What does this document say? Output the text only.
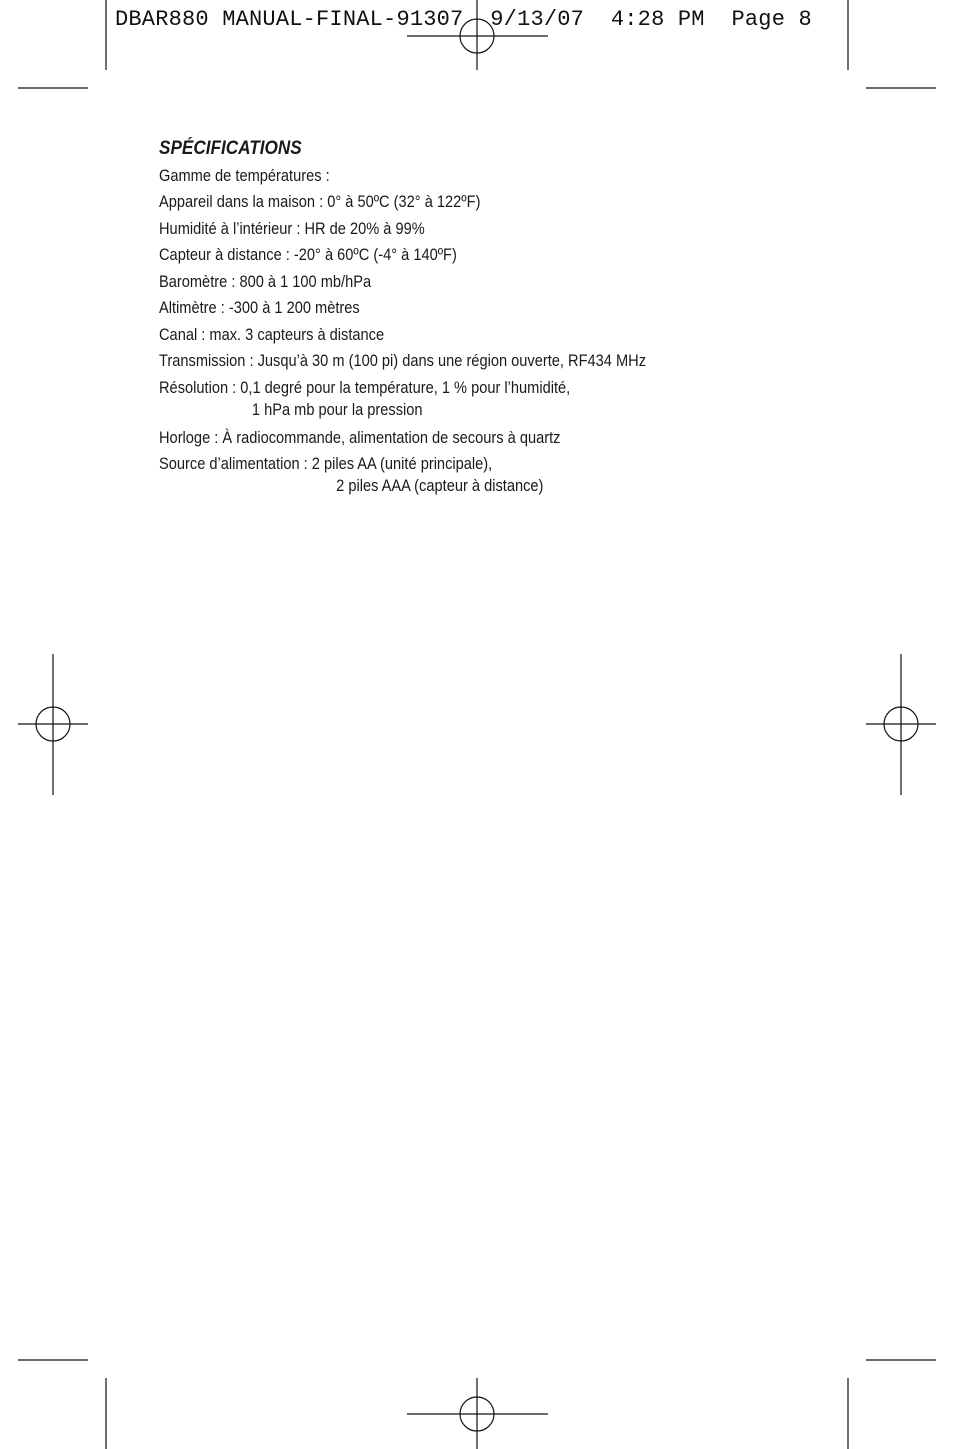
DBAR880 MANUAL-FINAL-91307  9/13/07  4:28 PM  Page 8
SPÉCIFICATIONS
Gamme de températures :
Appareil dans la maison : 0° à 50ºC (32° à 122ºF)
Humidité à l’intérieur : HR de 20% à 99%
Capteur à distance : -20° à 60ºC (-4° à 140ºF)
Baromètre : 800 à 1 100 mb/hPa
Altimètre : -300 à 1 200 mètres
Canal : max. 3 capteurs à distance
Transmission : Jusqu’à 30 m (100 pi) dans une région ouverte, RF434 MHz
Résolution : 0,1 degré pour la température, 1 % pour l’humidité,
1 hPa mb pour la pression
Horloge : À radiocommande, alimentation de secours à quartz
Source d’alimentation : 2 piles AA (unité principale),
2 piles AAA (capteur à distance)
